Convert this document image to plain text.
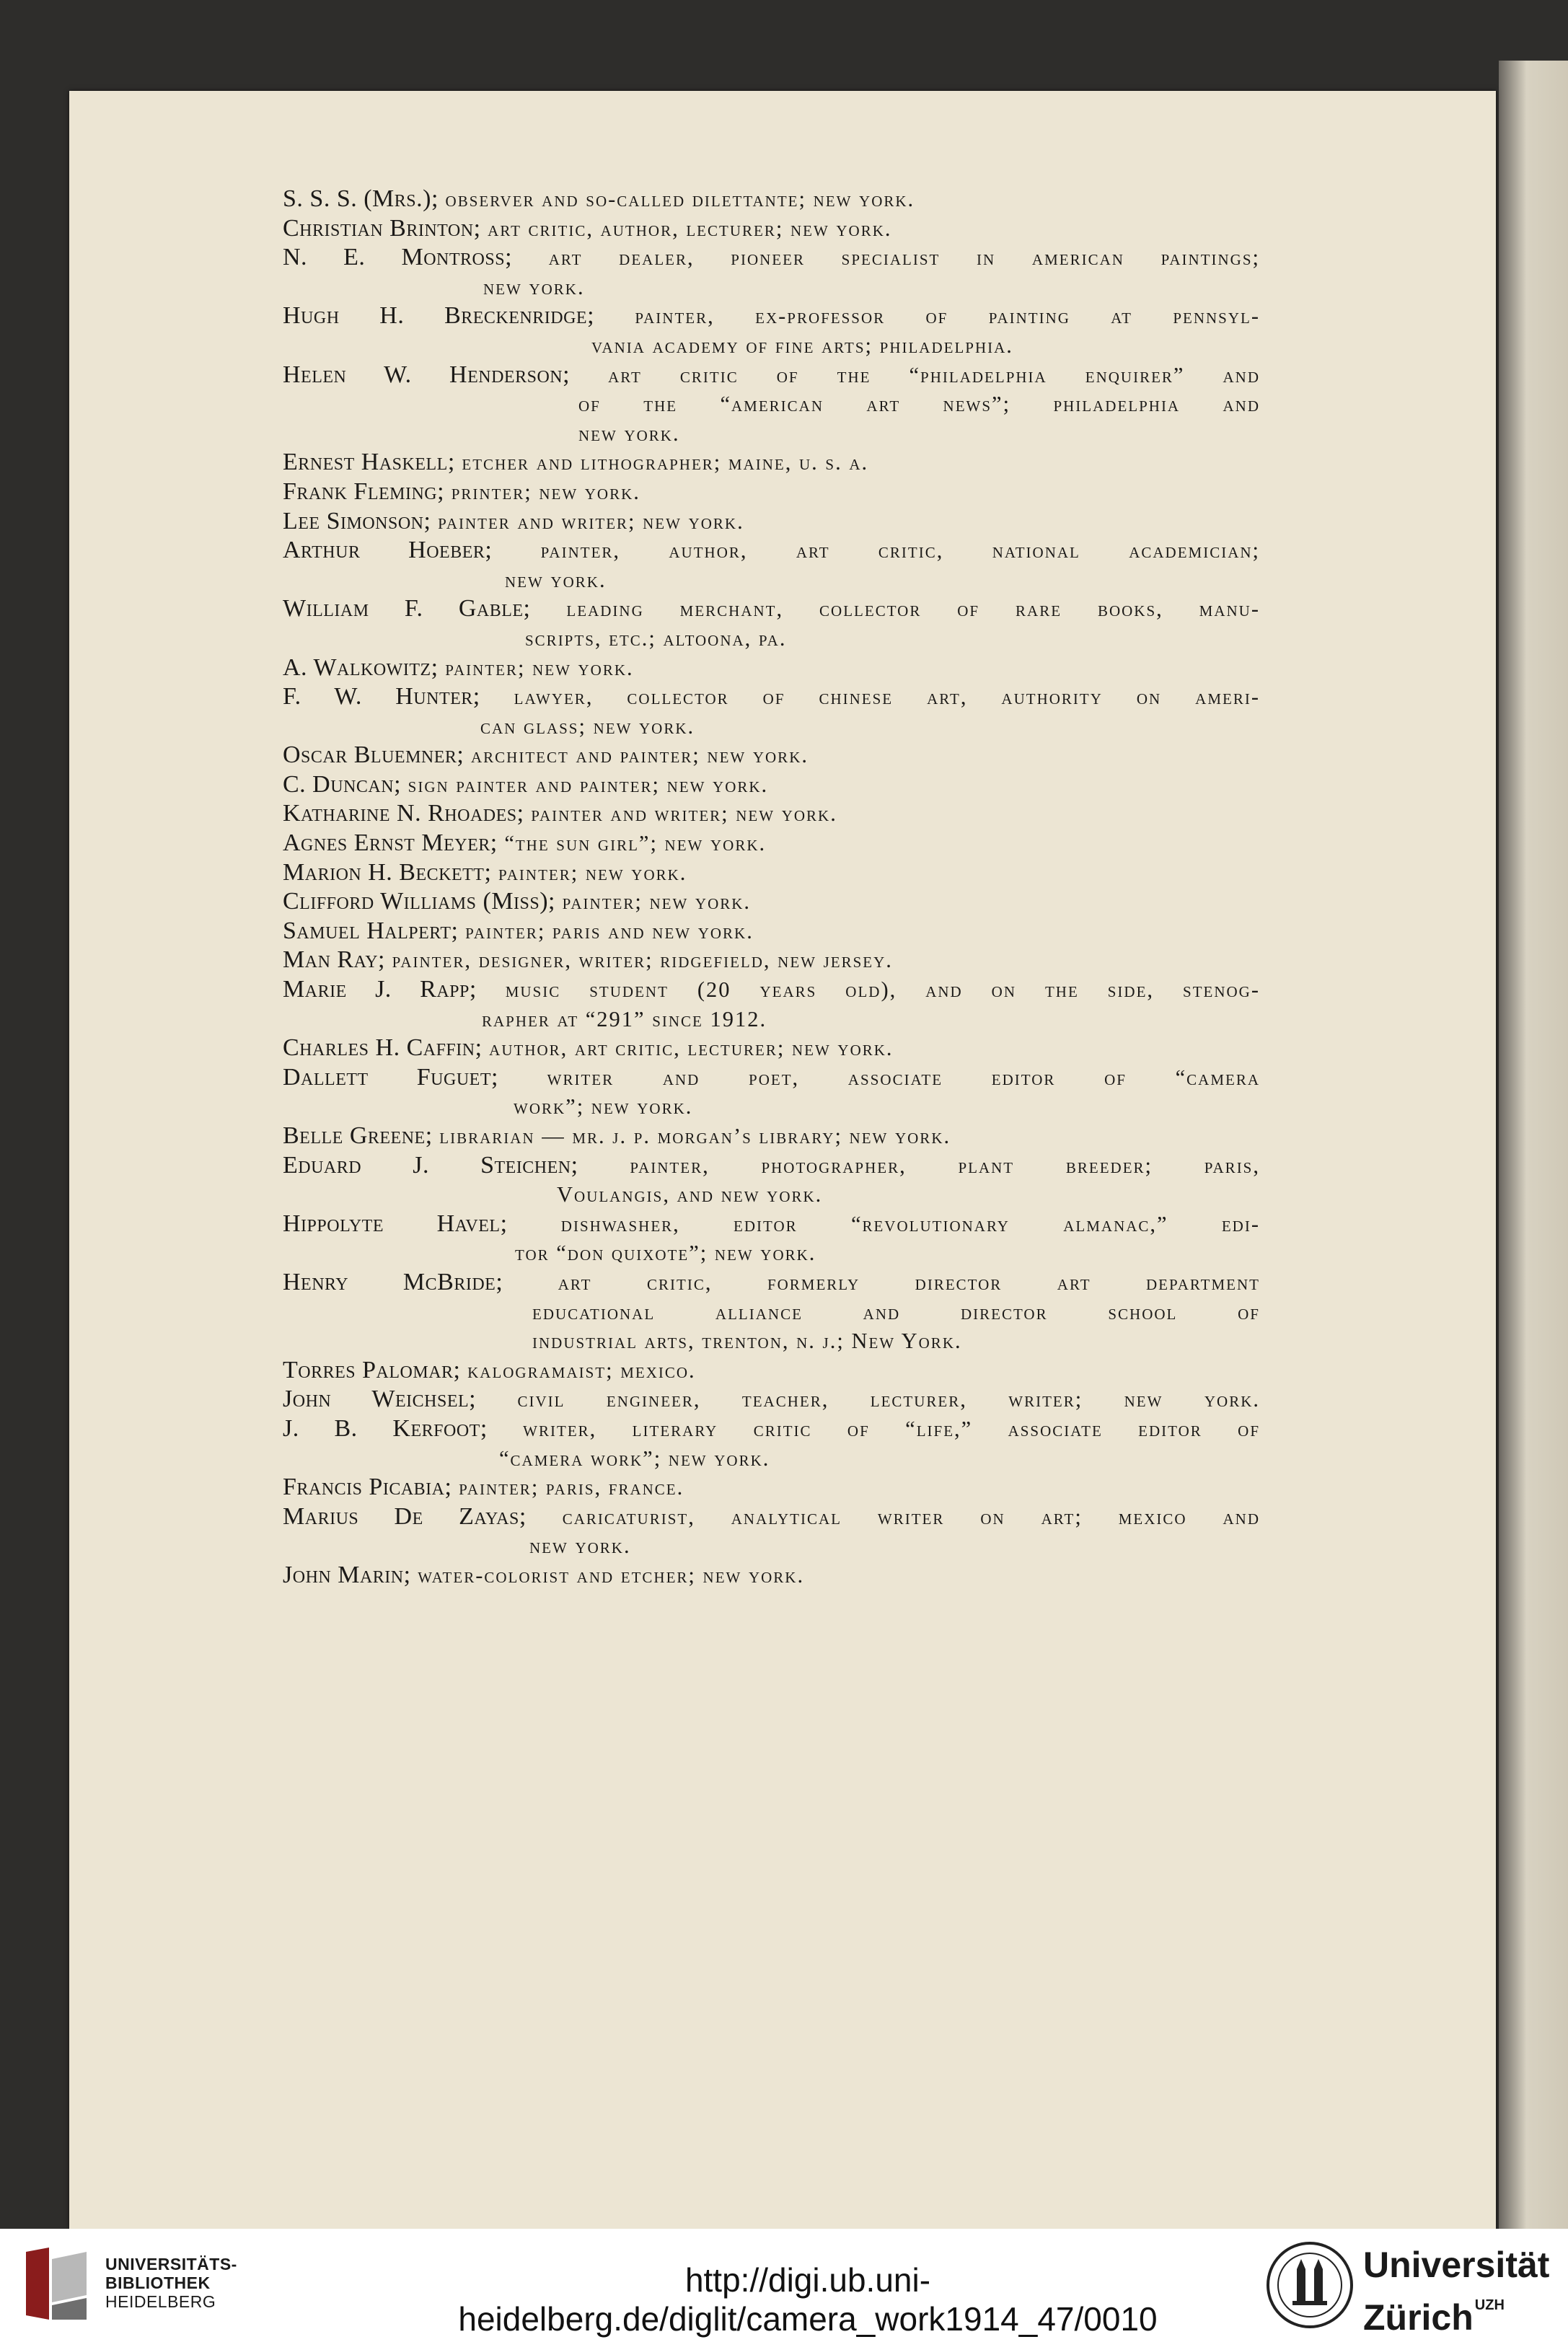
S. S. S. (Mrs.); observer and so-called dilettante; new york.
Christian Brinton; art critic, author, lecturer; new york.
N. E. Montross; art dealer, pioneer specialist in american paintings;
new york.
Hugh H. Breckenridge; painter, ex-professor of painting at pennsyl-
vania academy of fine arts; philadelphia.
Helen W. Henderson; art critic of the “philadelphia enquirer” and
of the “american art news”; philadelphia and
new york.
Ernest Haskell; etcher and lithographer; maine, u. s. a.
Frank Fleming; printer; new york.
Lee Simonson; painter and writer; new york.
Arthur Hoeber; painter, author, art critic, national academician;
new york.
William F. Gable; leading merchant, collector of rare books, manu-
scripts, etc.; altoona, pa.
A. Walkowitz; painter; new york.
F. W. Hunter; lawyer, collector of chinese art, authority on ameri-
can glass; new york.
Oscar Bluemner; architect and painter; new york.
C. Duncan; sign painter and painter; new york.
Katharine N. Rhoades; painter and writer; new york.
Agnes Ernst Meyer; “the sun girl”; new york.
Marion H. Beckett; painter; new york.
Clifford Williams (Miss); painter; new york.
Samuel Halpert; painter; paris and new york.
Man Ray; painter, designer, writer; ridgefield, new jersey.
Marie J. Rapp; music student (20 years old), and on the side, stenog-
rapher at “291” since 1912.
Charles H. Caffin; author, art critic, lecturer; new york.
Dallett Fuguet; writer and poet, associate editor of “camera
work”; new york.
Belle Greene; librarian — mr. j. p. morgan’s library; new york.
Eduard J. Steichen; painter, photographer, plant breeder; paris,
Voulangis, and new york.
Hippolyte Havel; dishwasher, editor “revolutionary almanac,” edi-
tor “don quixote”; new york.
Henry McBride; art critic, formerly director art department
educational alliance and director school of
industrial arts, trenton, n. j.; New York.
Torres Palomar; kalogramaist; mexico.
John Weichsel; civil engineer, teacher, lecturer, writer; new york.
J. B. Kerfoot; writer, literary critic of “life,” associate editor of
“camera work”; new york.
Francis Picabia; painter; paris, france.
Marius De Zayas; caricaturist, analytical writer on art; mexico and
new york.
John Marin; water-colorist and etcher; new york.
UNIVERSITÄTS-
BIBLIOTHEK
HEIDELBERG
http://digi.ub.uni-heidelberg.de/diglit/camera_work1914_47/0010
Universität
Zürich $^{UZH}$
